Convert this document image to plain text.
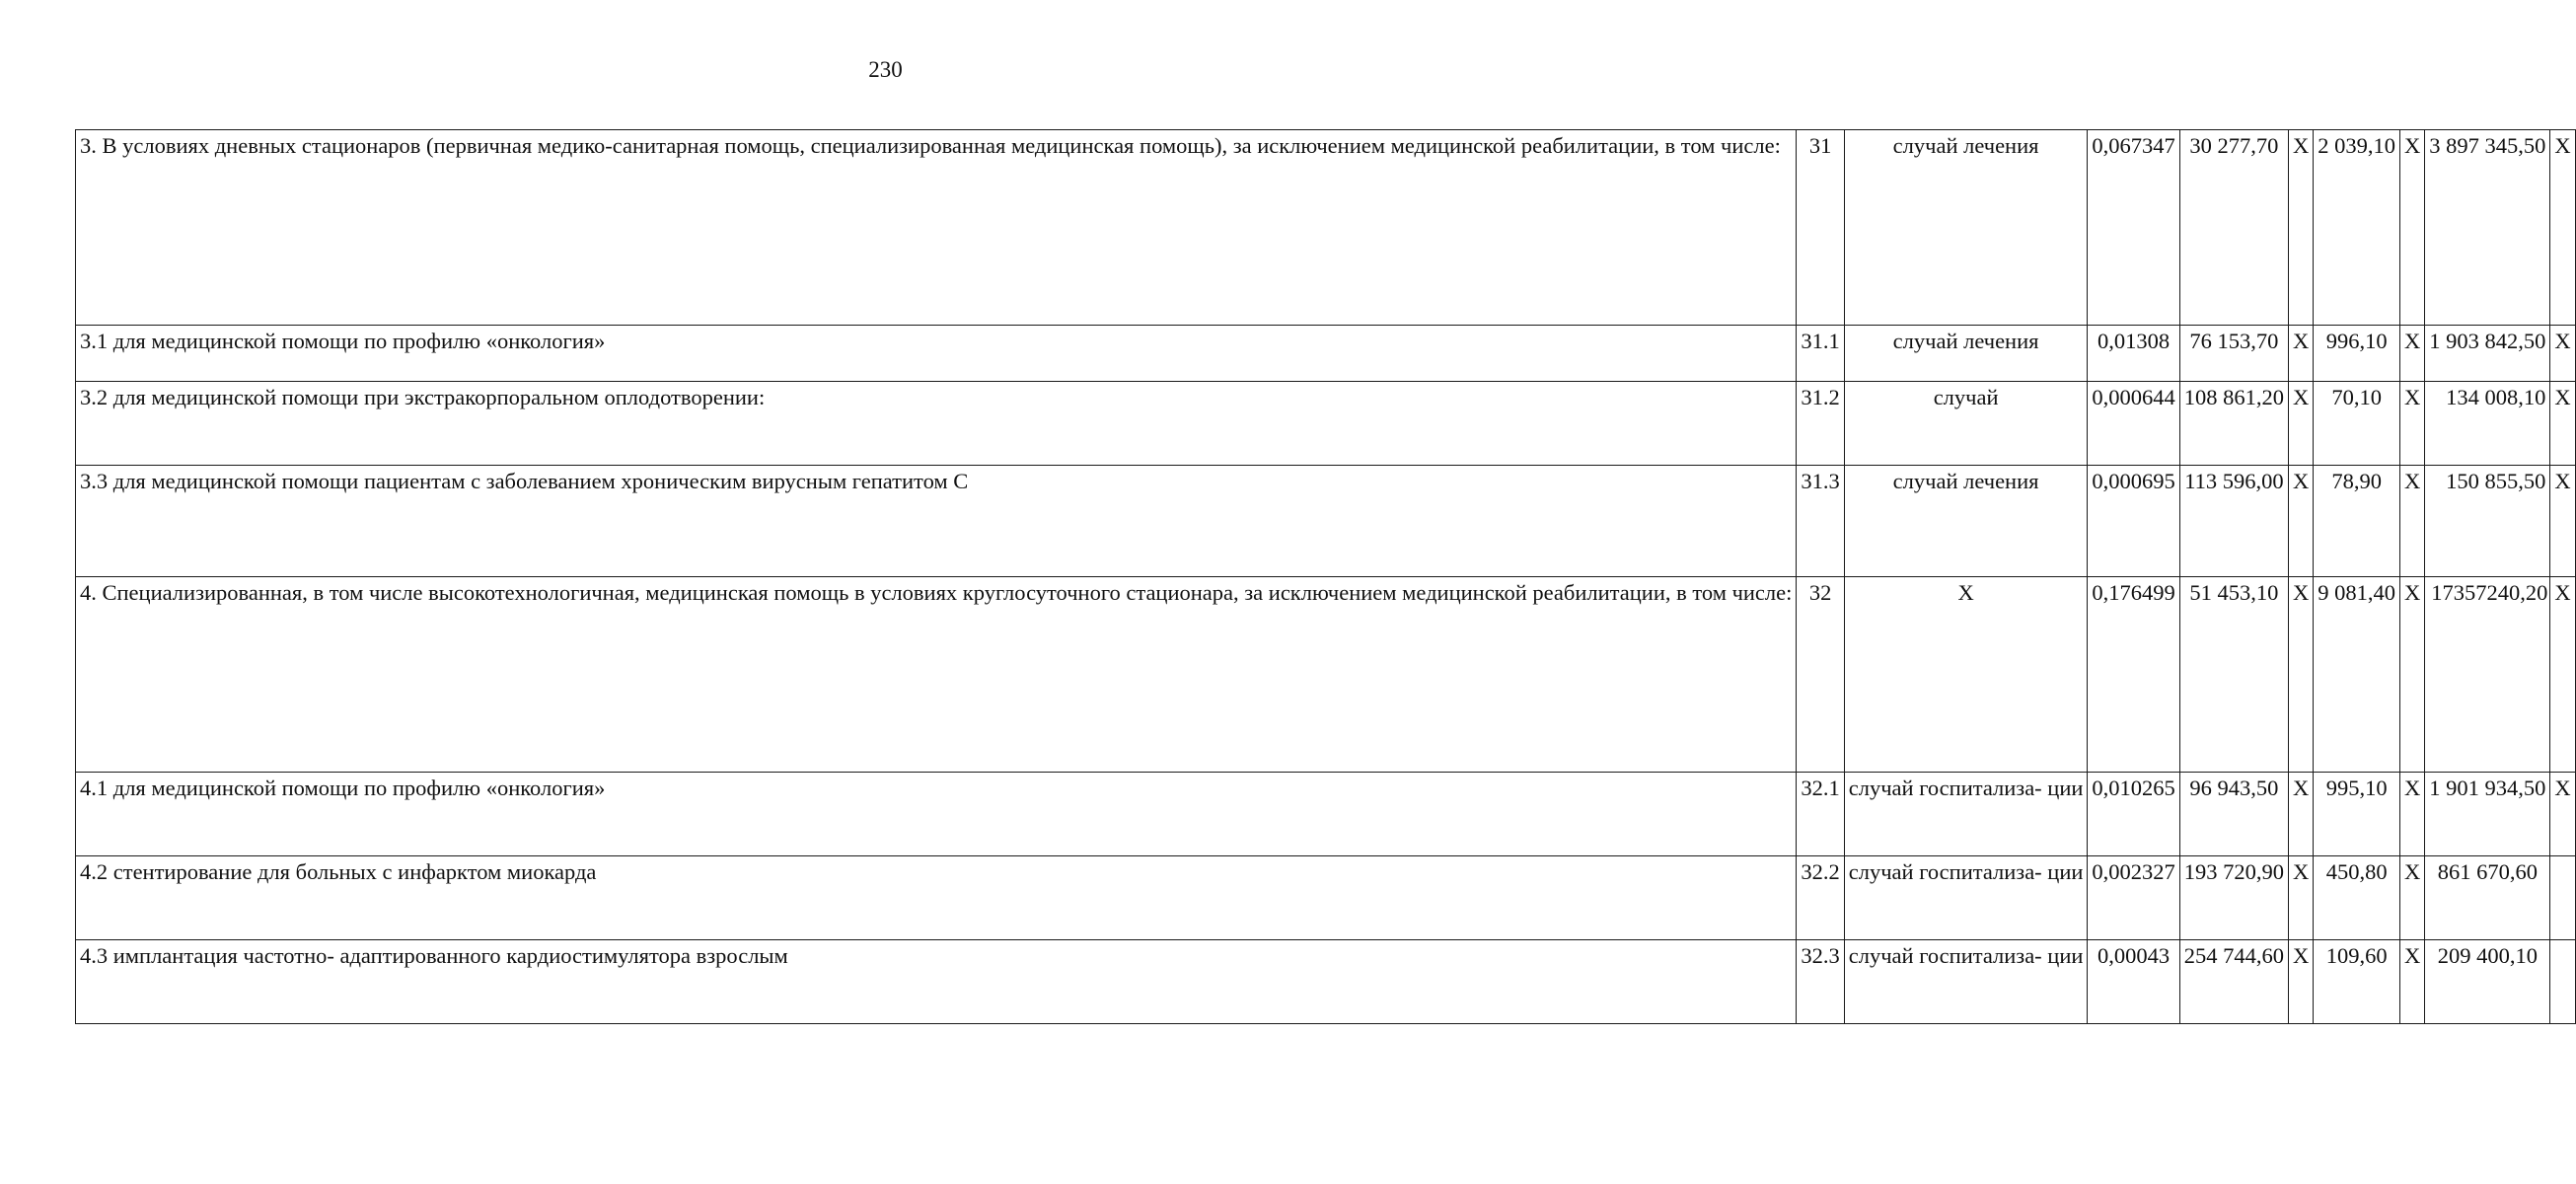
230
3. В условиях дневных стационаров (первичная медико-санитарная помощь, специализированная медицинская помощь), за исключением медицинской реабилитации, в том числе:	31	случай лечения	0,067347	30 277,70	Х	2 039,10	Х	3 897 345,50	Х
3.1 для медицинской помощи по профилю «онкология»	31.1	случай лечения	0,01308	76 153,70	Х	996,10	Х	1 903 842,50	Х
3.2 для медицинской помощи при экстракорпоральном оплодотворении:	31.2	случай	0,000644	108 861,20	Х	70,10	Х	134 008,10	Х
3.3 для медицинской помощи пациентам с заболеванием хроническим вирусным гепатитом С	31.3	случай лечения	0,000695	113 596,00	Х	78,90	Х	150 855,50	Х
4. Специализированная, в том числе высокотехнологичная, медицинская помощь в условиях круглосуточного стационара, за исключением медицинской реабилитации, в том числе:	32	Х	0,176499	51 453,10	Х	9 081,40	Х	17357240,20	Х
4.1 для медицинской помощи по профилю «онкология»	32.1	случай госпитализа- ции	0,010265	96 943,50	Х	995,10	Х	1 901 934,50	Х
4.2 стентирование для больных с инфарктом миокарда	32.2	случай госпитализа- ции	0,002327	193 720,90	Х	450,80	Х	861 670,60	
4.3 имплантация частотно- адаптированного кардиостимулятора взрослым	32.3	случай госпитализа- ции	0,00043	254 744,60	Х	109,60	Х	209 400,10	
